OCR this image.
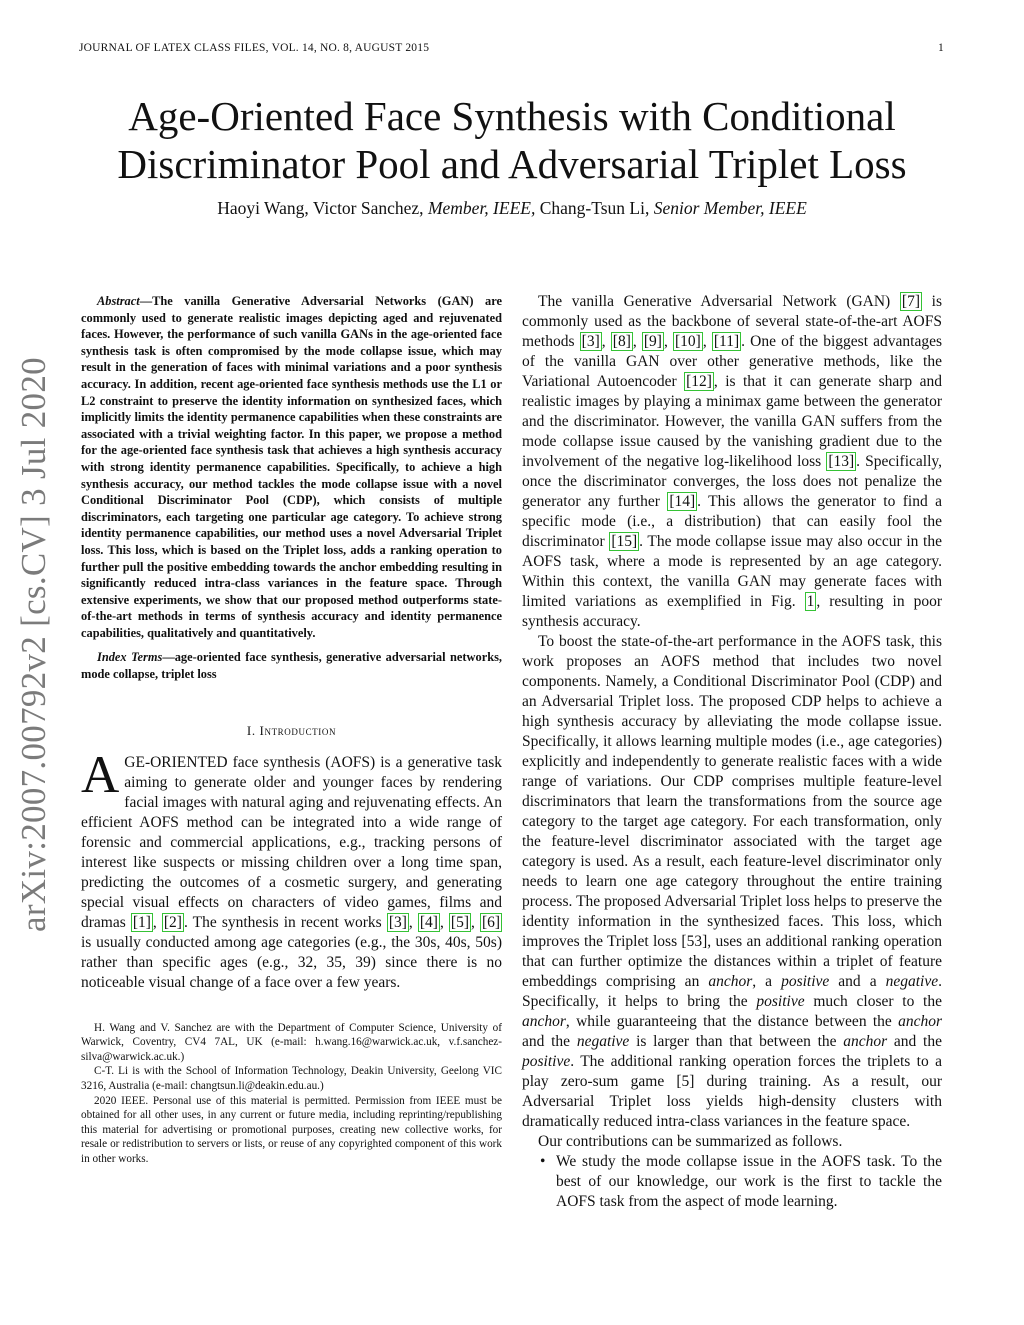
JOURNAL OF LATEX CLASS FILES, VOL. 14, NO. 8, AUGUST 2015	1
arXiv:2007.00792v2 [cs.CV] 3 Jul 2020
Age-Oriented Face Synthesis with Conditional
Discriminator Pool and Adversarial Triplet Loss
Haoyi Wang, Victor Sanchez, Member, IEEE, Chang-Tsun Li, Senior Member, IEEE

Abstract—The vanilla Generative Adversarial Networks (GAN) are commonly used to generate realistic images depicting aged and rejuvenated faces. However, the performance of such vanilla GANs in the age-oriented face synthesis task is often compromised by the mode collapse issue, which may result in the generation of faces with minimal variations and a poor synthesis accuracy. In addition, recent age-oriented face synthesis methods use the L1 or L2 constraint to preserve the identity information on synthesized faces, which implicitly limits the identity permanence capabilities when these constraints are associated with a trivial weighting factor. In this paper, we propose a method for the age-oriented face synthesis task that achieves a high synthesis accuracy with strong identity permanence capabilities. Specifically, to achieve a high synthesis accuracy, our method tackles the mode collapse issue with a novel Conditional Discriminator Pool (CDP), which consists of multiple discriminators, each targeting one particular age category. To achieve strong identity permanence capabilities, our method uses a novel Adversarial Triplet loss. This loss, which is based on the Triplet loss, adds a ranking operation to further pull the positive embedding towards the anchor embedding resulting in significantly reduced intra-class variances in the feature space. Through extensive experiments, we show that our proposed method outperforms state-of-the-art methods in terms of synthesis accuracy and identity permanence capabilities, qualitatively and quantitatively.

Index Terms—age-oriented face synthesis, generative adversarial networks, mode collapse, triplet loss

I. Introduction

AGE-ORIENTED face synthesis (AOFS) is a generative task aiming to generate older and younger faces by rendering facial images with natural aging and rejuvenating effects. An efficient AOFS method can be integrated into a wide range of forensic and commercial applications, e.g., tracking persons of interest like suspects or missing children over a long time span, predicting the outcomes of a cosmetic surgery, and generating special visual effects on characters of video games, films and dramas [1] , [2] . The synthesis in recent works [3] , [4] , [5] , [6] is usually conducted among age categories (e.g., the 30s, 40s, 50s) rather than specific ages (e.g., 32, 35, 39) since there is no noticeable visual change of a face over a few years.

H. Wang and V. Sanchez are with the Department of Computer Science, University of Warwick, Coventry, CV4 7AL, UK (e-mail: h.wang.16@warwick.ac.uk, v.f.sanchez-silva@warwick.ac.uk.)

C-T. Li is with the School of Information Technology, Deakin University, Geelong VIC 3216, Australia (e-mail: changtsun.li@deakin.edu.au.)

2020 IEEE. Personal use of this material is permitted. Permission from IEEE must be obtained for all other uses, in any current or future media, including reprinting/republishing this material for advertising or promotional purposes, creating new collective works, for resale or redistribution to servers or lists, or reuse of any copyrighted component of this work in other works.

The vanilla Generative Adversarial Network (GAN) [7] is commonly used as the backbone of several state-of-the-art AOFS methods [3] , [8] , [9] , [10] , [11] . One of the biggest advantages of the vanilla GAN over other generative methods, like the Variational Autoencoder [12] , is that it can generate sharp and realistic images by playing a minimax game between the generator and the discriminator. However, the vanilla GAN suffers from the mode collapse issue caused by the vanishing gradient due to the involvement of the negative log-likelihood loss [13] . Specifically, once the discriminator converges, the loss does not penalize the generator any further [14] . This allows the generator to find a specific mode (i.e., a distribution) that can easily fool the discriminator [15] . The mode collapse issue may also occur in the AOFS task, where a mode is represented by an age category. Within this context, the vanilla GAN may generate faces with limited variations as exemplified in Fig. 1 , resulting in poor synthesis accuracy.

To boost the state-of-the-art performance in the AOFS task, this work proposes an AOFS method that includes two novel components. Namely, a Conditional Discriminator Pool (CDP) and an Adversarial Triplet loss. The proposed CDP helps to achieve a high synthesis accuracy by alleviating the mode collapse issue. Specifically, it allows learning multiple modes (i.e., age categories) explicitly and independently to generate realistic faces with a wide range of variations. Our CDP comprises multiple feature-level discriminators that learn the transformations from the source age category to the target age category. For each transformation, only the feature-level discriminator associated with the target age category is used. As a result, each feature-level discriminator only needs to learn one age category throughout the entire training process. The proposed Adversarial Triplet loss helps to preserve the identity information in the synthesized faces. This loss, which improves the Triplet loss [53], uses an additional ranking operation that can further optimize the distances within a triplet of feature embeddings comprising an anchor, a positive and a negative. Specifically, it helps to bring the positive much closer to the anchor, while guaranteeing that the distance between the anchor and the negative is larger than that between the anchor and the positive. The additional ranking operation forces the triplets to a play zero-sum game [5] during training. As a result, our Adversarial Triplet loss yields high-density clusters with dramatically reduced intra-class variances in the feature space.

Our contributions can be summarized as follows.

• We study the mode collapse issue in the AOFS task. To the best of our knowledge, our work is the first to tackle the AOFS task from the aspect of mode learning.
